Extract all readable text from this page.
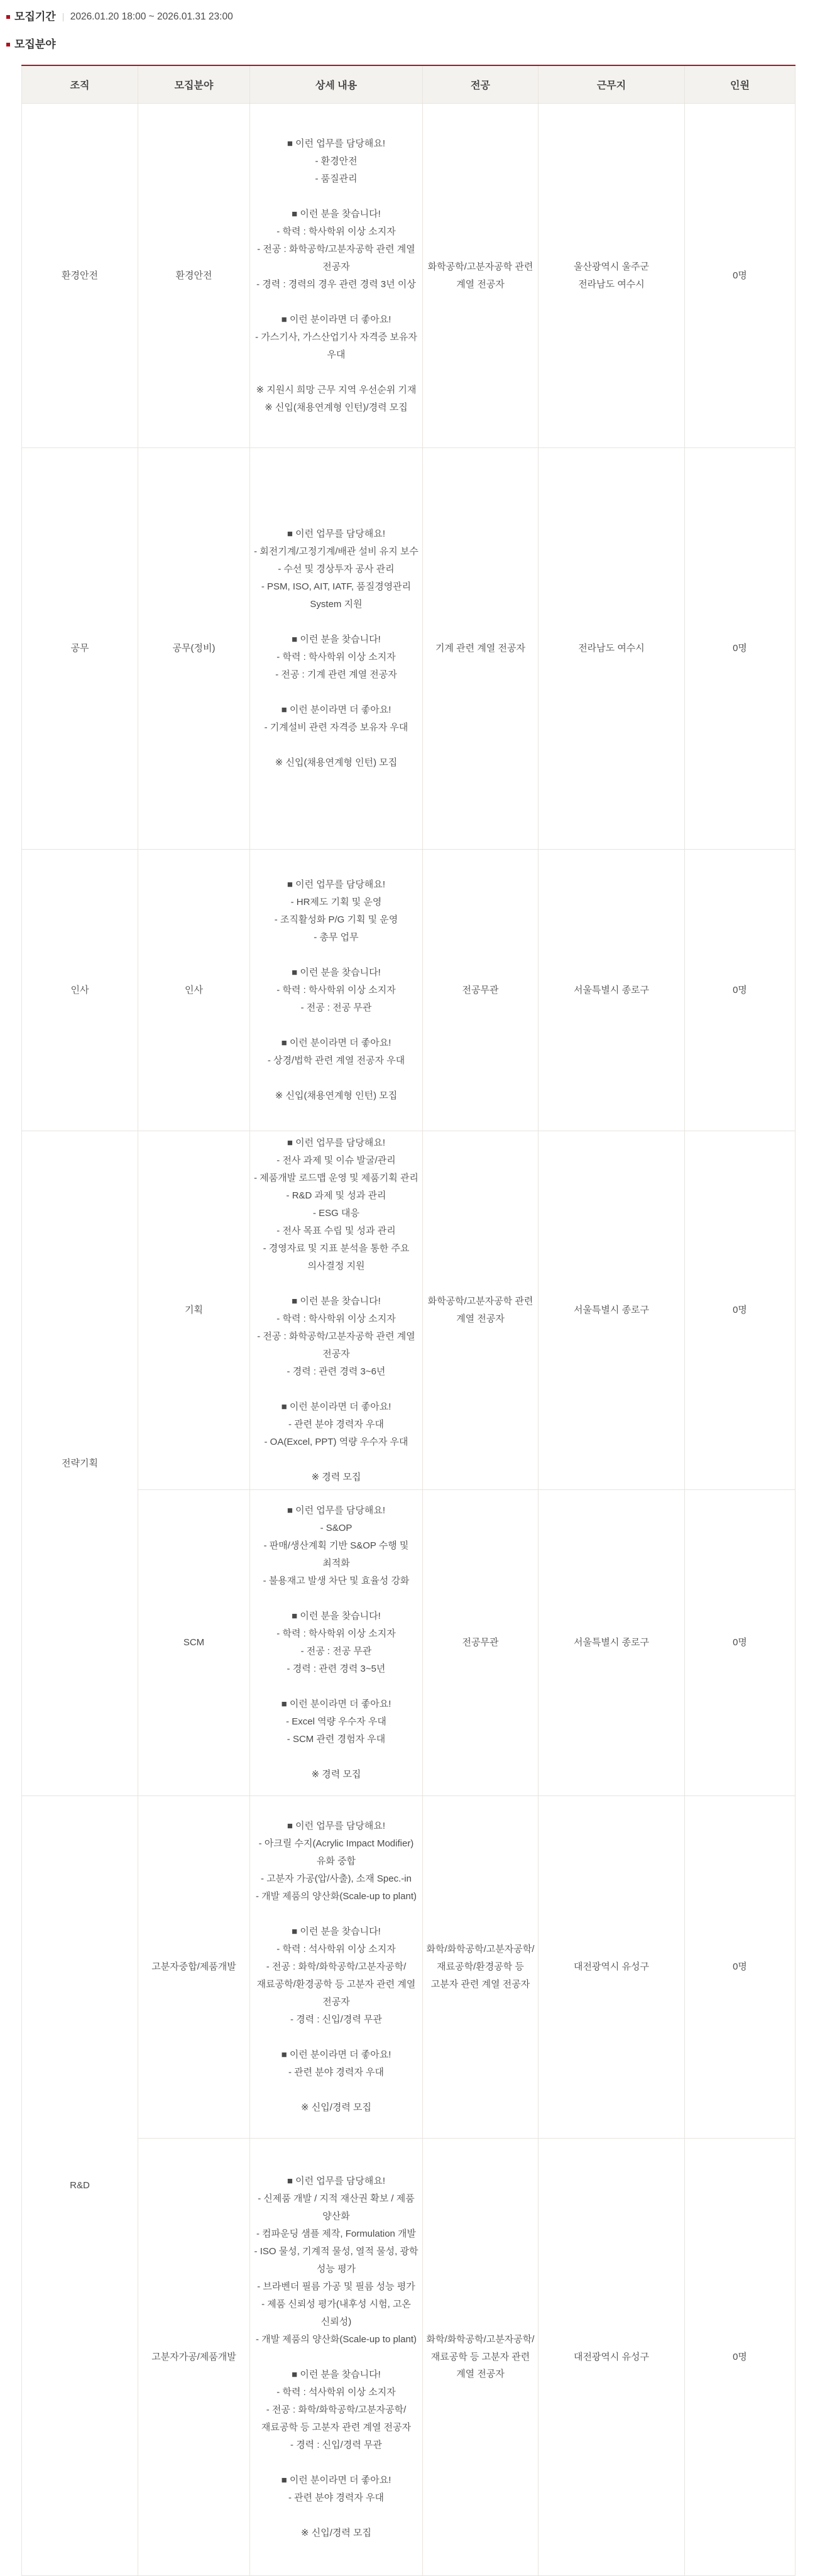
모집기간 2026.01.20 18:00 ~ 2026.01.31 23:00
모집분야
조직	모집분야	상세 내용	전공	근무지	인원
환경안전	환경안전	
■ 이런 업무를 담당해요!
- 환경안전
- 품질관리
■ 이런 분을 찾습니다!
- 학력 : 학사학위 이상 소지자
- 전공 : 화학공학/고분자공학 관련 계열 전공자
- 경력 : 경력의 경우 관련 경력 3년 이상
■ 이런 분이라면 더 좋아요!
- 가스기사, 가스산업기사 자격증 보유자 우대
※ 지원시 희망 근무 지역 우선순위 기재
※ 신입(채용연계형 인턴)/경력 모집
	화학공학/고분자공학 관련 계열 전공자	
울산광역시 울주군
전라남도 여수시
	0명
공무	공무(정비)	
■ 이런 업무를 담당해요!
- 회전기계/고정기계/배관 설비 유지 보수
- 수선 및 경상투자 공사 관리
- PSM, ISO, AIT, IATF, 품질경영관리 System 지원
■ 이런 분을 찾습니다!
- 학력 : 학사학위 이상 소지자
- 전공 : 기계 관련 계열 전공자
■ 이런 분이라면 더 좋아요!
- 기계설비 관련 자격증 보유자 우대
※ 신입(채용연계형 인턴) 모집
	기계 관련 계열 전공자	전라남도 여수시	0명
인사	인사	
■ 이런 업무를 담당해요!
- HR제도 기획 및 운영
- 조직활성화 P/G 기획 및 운영
- 총무 업무
■ 이런 분을 찾습니다!
- 학력 : 학사학위 이상 소지자
- 전공 : 전공 무관
■ 이런 분이라면 더 좋아요!
- 상경/법학 관련 계열 전공자 우대
※ 신입(채용연계형 인턴) 모집
	전공무관	서울특별시 종로구	0명
전략기획	기획	
■ 이런 업무를 담당해요!
- 전사 과제 및 이슈 발굴/관리
- 제품개발 로드맵 운영 및 제품기획 관리
- R&D 과제 및 성과 관리
- ESG 대응
- 전사 목표 수립 및 성과 관리
- 경영자료 및 지표 분석을 통한 주요 의사결정 지원
■ 이런 분을 찾습니다!
- 학력 : 학사학위 이상 소지자
- 전공 : 화학공학/고분자공학 관련 계열 전공자
- 경력 : 관련 경력 3~6년
■ 이런 분이라면 더 좋아요!
- 관련 분야 경력자 우대
- OA(Excel, PPT) 역량 우수자 우대
※ 경력 모집
	화학공학/고분자공학 관련 계열 전공자	
서울특별시 종로구	0명
SCM	
■ 이런 업무를 담당해요!
- S&OP
- 판매/생산계획 기반 S&OP 수행 및 최적화
- 불용재고 발생 차단 및 효율성 강화
■ 이런 분을 찾습니다!
- 학력 : 학사학위 이상 소지자
- 전공 : 전공 무관
- 경력 : 관련 경력 3~5년
■ 이런 분이라면 더 좋아요!
- Excel 역량 우수자 우대
- SCM 관련 경험자 우대
※ 경력 모집
	전공무관	서울특별시 종로구	0명
R&D	고분자중합/제품개발	
■ 이런 업무를 담당해요!
- 아크릴 수지(Acrylic Impact Modifier) 유화 중합
- 고분자 가공(압/사출), 소재 Spec.-in
- 개발 제품의 양산화(Scale-up to plant)
■ 이런 분을 찾습니다!
- 학력 : 석사학위 이상 소지자
- 전공 : 화학/화학공학/고분자공학/재료공학/환경공학 등 고분자 관련 계열 전공자
- 경력 : 신입/경력 무관
■ 이런 분이라면 더 좋아요!
- 관련 분야 경력자 우대
※ 신입/경력 모집
	화학/화학공학/고분자공학/재료공학/환경공학 등 고분자 관련 계열 전공자	
대전광역시 유성구	0명
고분자가공/제품개발	
■ 이런 업무를 담당해요!
- 신제품 개발 / 지적 재산권 확보 / 제품 양산화
- 컴파운딩 샘플 제작, Formulation 개발
- ISO 물성, 기계적 물성, 열적 물성, 광학 성능 평가
- 브라벤더 필름 가공 및 필름 성능 평가
- 제품 신뢰성 평가(내후성 시험, 고온 신뢰성)
- 개발 제품의 양산화(Scale-up to plant)
■ 이런 분을 찾습니다!
- 학력 : 석사학위 이상 소지자
- 전공 : 화학/화학공학/고분자공학/재료공학 등 고분자 관련 계열 전공자
- 경력 : 신입/경력 무관
■ 이런 분이라면 더 좋아요!
- 관련 분야 경력자 우대
※ 신입/경력 모집
	화학/화학공학/고분자공학/재료공학 등 고분자 관련 계열 전공자	
대전광역시 유성구	0명
